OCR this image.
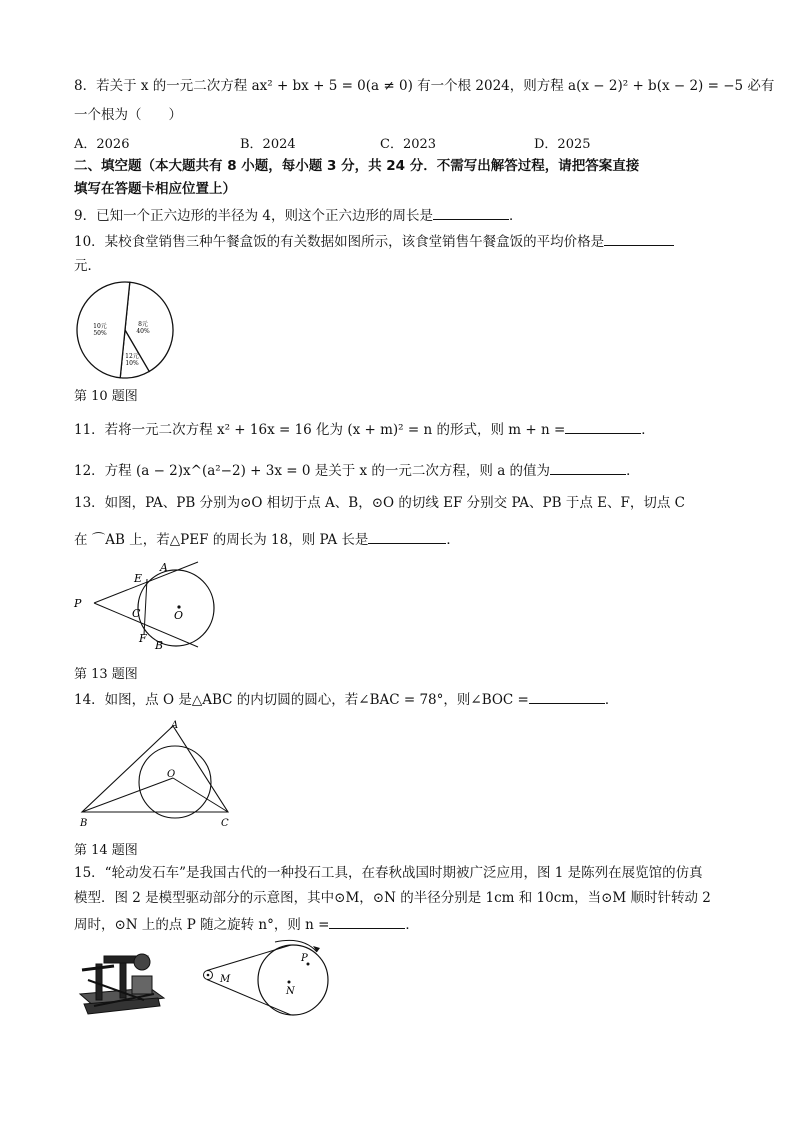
8．若关于 x 的一元二次方程 ax² + bx + 5 = 0(a ≠ 0) 有一个根 2024，则方程 a(x − 2)² + b(x − 2) = −5 必有
一个根为（　　）
A．2026	B．2024	C．2023	D．2025
二、填空题（本大题共有 8 小题，每小题 3 分，共 24 分．不需写出解答过程，请把答案直接
填写在答题卡相应位置上）
9．已知一个正六边形的半径为 4，则这个正六边形的周长是	．
10．某校食堂销售三种午餐盒饭的有关数据如图所示，该食堂销售午餐盒饭的平均价格是
元．
10元
50%
8元
40%
12元
10%
第 10 题图
11．若将一元二次方程 x² + 16x = 16 化为 (x + m)² = n 的形式，则 m + n =	．
12．方程 (a − 2)x^(a²−2) + 3x = 0 是关于 x 的一元二次方程，则 a 的值为	．
13．如图，PA、PB 分别为⊙O 相切于点 A、B，⊙O 的切线 EF 分别交 PA、PB 于点 E、F，切点 C
在 ⌒AB 上，若△PEF 的周长为 18，则 PA 长是	．
P
E
A
C	O
F
B
第 13 题图
14．如图，点 O 是△ABC 的内切圆的圆心，若∠BAC = 78°，则∠BOC =	．
A
O
B	C
第 14 题图
15．“轮动发石车”是我国古代的一种投石工具，在春秋战国时期被广泛应用，图 1 是陈列在展览馆的仿真
模型．图 2 是模型驱动部分的示意图，其中⊙M，⊙N 的半径分别是 1cm 和 10cm，当⊙M 顺时针转动 2
周时，⊙N 上的点 P 随之旋转 n°，则 n =	．
M
N
P
